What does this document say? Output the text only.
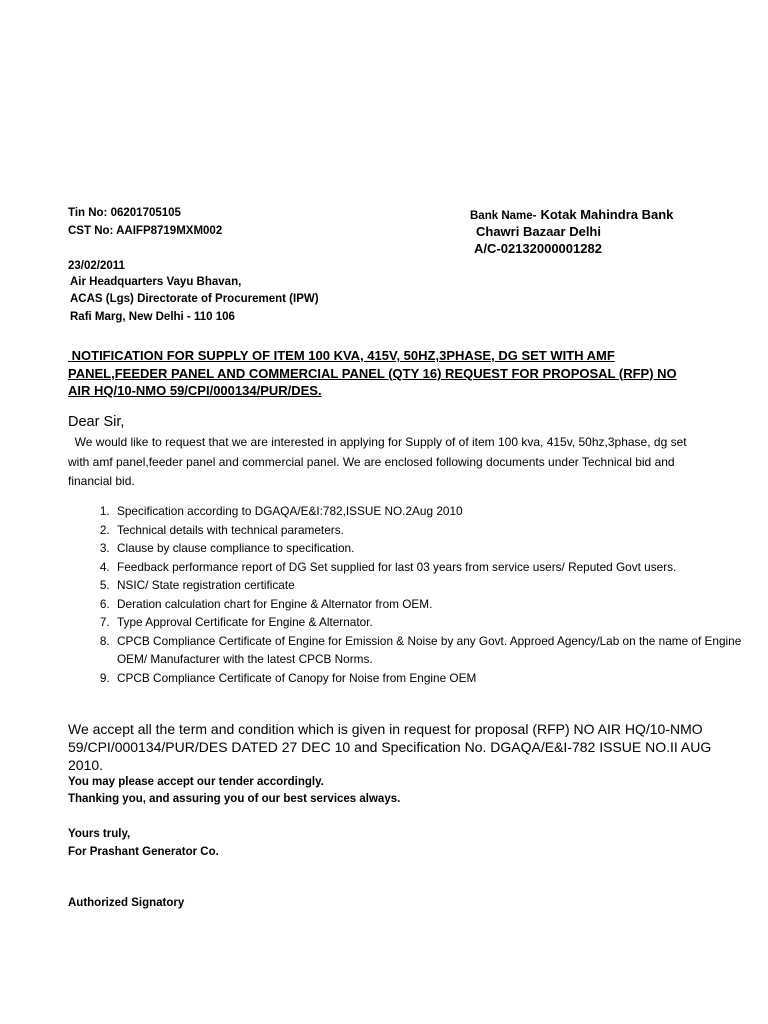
Tin No: 06201705105
CST No: AAIFP8719MXM002
Bank Name- Kotak Mahindra Bank
Chawri Bazaar Delhi
A/C-02132000001282
23/02/2011
Air Headquarters Vayu Bhavan,
ACAS (Lgs) Directorate of Procurement (IPW)
Rafi Marg, New Delhi - 110 106
NOTIFICATION FOR SUPPLY OF ITEM 100 KVA, 415V, 50HZ,3PHASE, DG SET WITH AMF PANEL,FEEDER PANEL AND COMMERCIAL PANEL (QTY 16) REQUEST FOR PROPOSAL (RFP) NO AIR HQ/10-NMO 59/CPI/000134/PUR/DES.
Dear Sir,
We would like to request that we are interested in applying for Supply of of item 100 kva, 415v, 50hz,3phase, dg set with amf panel,feeder panel and commercial panel. We are enclosed following documents under Technical bid and financial bid.
1. Specification according to DGAQA/E&I:782,ISSUE NO.2Aug 2010
2. Technical details with technical parameters.
3. Clause by clause compliance to specification.
4. Feedback performance report of DG Set supplied for last 03 years from service users/ Reputed Govt users.
5. NSIC/ State registration certificate
6. Deration calculation chart for Engine & Alternator from OEM.
7. Type Approval Certificate for Engine & Alternator.
8. CPCB Compliance Certificate of Engine for Emission & Noise by any Govt. Approed Agency/Lab on the name of Engine OEM/ Manufacturer with the latest CPCB Norms.
9. CPCB Compliance Certificate of Canopy for Noise from Engine OEM
We accept all the term and condition which is given in request for proposal (RFP) NO AIR HQ/10-NMO 59/CPI/000134/PUR/DES DATED 27 DEC 10 and Specification No. DGAQA/E&I-782 ISSUE NO.II AUG 2010.
You may please accept our tender accordingly.
Thanking you, and assuring you of our best services always.
Yours truly,
For Prashant Generator Co.
Authorized Signatory
